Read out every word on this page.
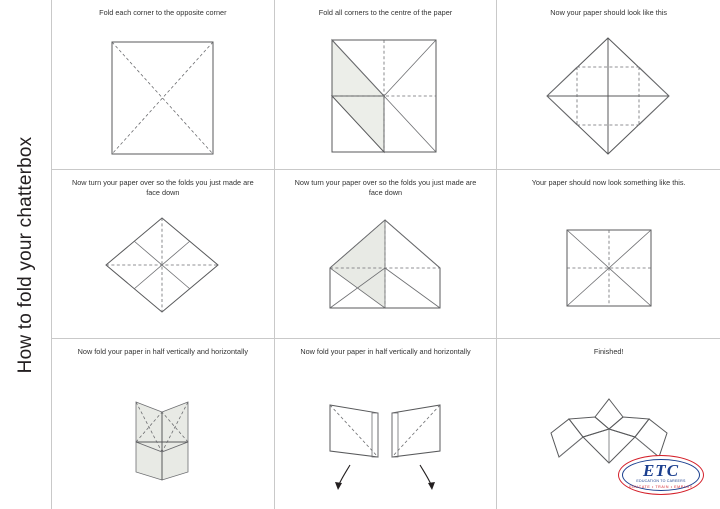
How to fold your chatterbox
Fold each corner to the opposite corner	Fold all corners to the centre of the paper	Now your paper should look like this
Now turn your paper over so the folds you just made are face down
Now turn your paper over so the folds you just made are face down
Your paper should now look something like this.
Now fold your paper in half vertically and horizontally	Now fold your paper in half vertically and horizontally	Finished!
ETC
EDUCATION TO CAREERS
EDUCATE • TRAIN • EMPLOY
